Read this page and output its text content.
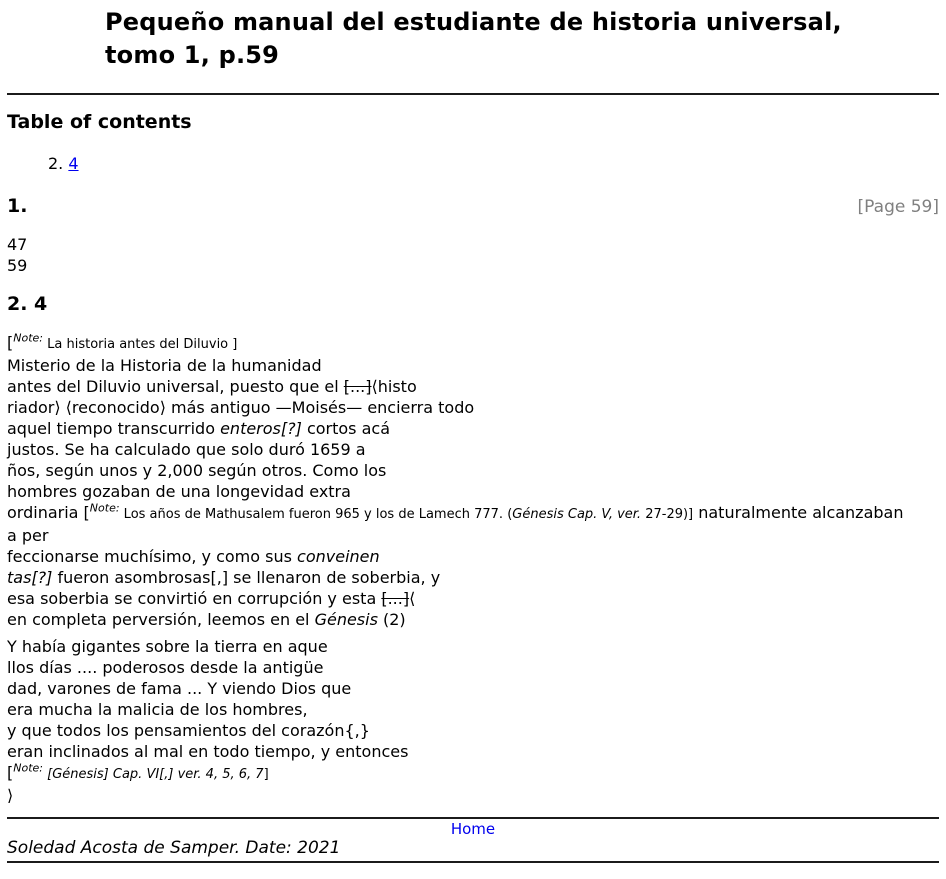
Pequeño manual del estudiante de historia universal, tomo 1, p.59
Table of contents
2. 4
1.	[Page 59]

47
59

2. 4

[$^{Note:}$ La historia antes del Diluvio ]
Misterio de la Historia de la humanidad
antes del Diluvio universal, puesto que el [...]⟨histo
riador⟩ ⟨reconocido⟩ más antiguo —Moisés— encierra todo
aquel tiempo transcurrido enteros[?] cortos acá
justos. Se ha calculado que solo duró 1659 a
ños, según unos y 2,000 según otros. Como los
hombres gozaban de una longevidad extra
ordinaria [$^{Note:}$ Los años de Mathusalem fueron 965 y los de Lamech 777. (Génesis Cap. V, ver. 27-29)] naturalmente alcanzaban
a per
feccionarse muchísimo, y como sus conveinen
tas[?] fueron asombrosas[,] se llenaron de soberbia, y
esa soberbia se convirtió en corrupción y esta [...]⟨
en completa perversión, leemos en el Génesis (2)

Y había gigantes sobre la tierra en aque
llos días .... poderosos desde la antigüe
dad, varones de fama ... Y viendo Dios que
era mucha la malicia de los hombres,
y que todos los pensamientos del corazón{,}
eran inclinados al mal en todo tiempo, y entonces
[$^{Note:}$ [Génesis] Cap. VI[,] ver. 4, 5, 6, 7]
⟩

Home
Soledad Acosta de Samper. Date: 2021
